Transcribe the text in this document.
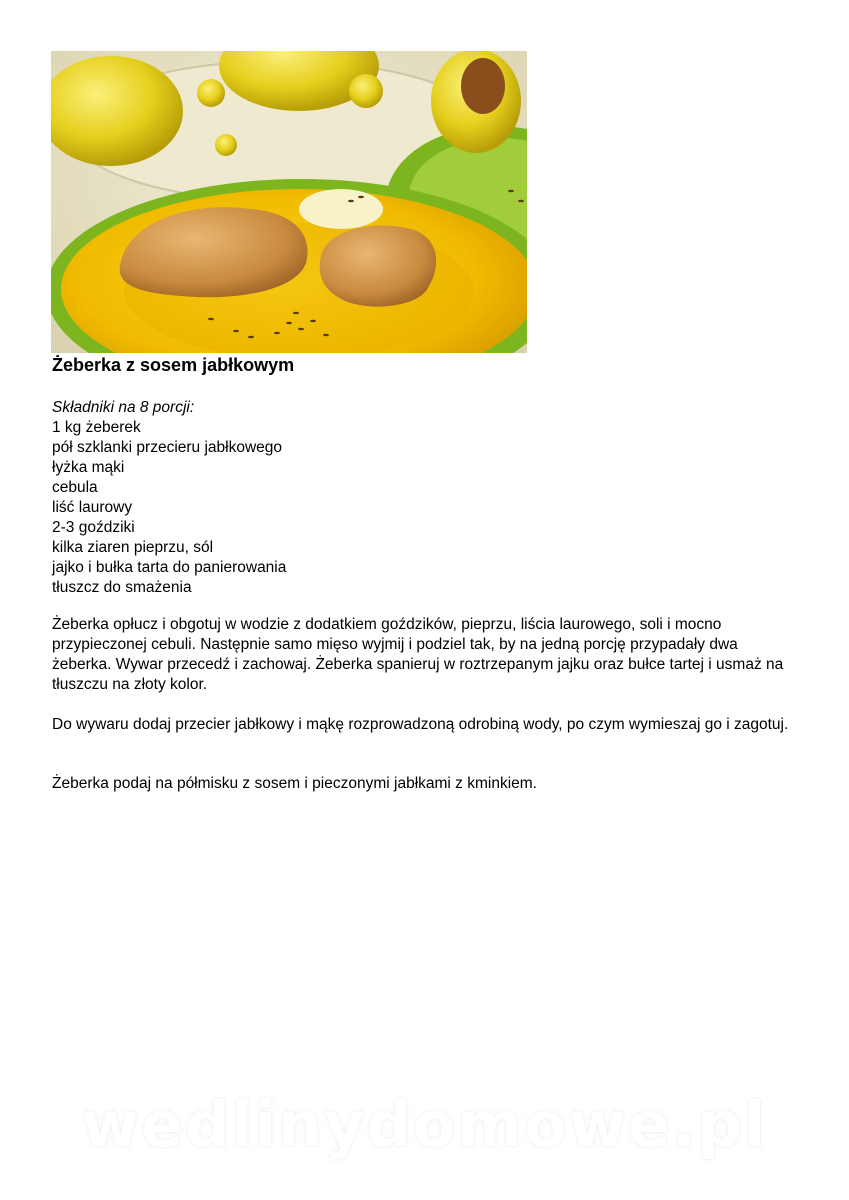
Żeberka z sosem jabłkowym
Składniki na 8 porcji:
1 kg żeberek
pół szklanki przecieru jabłkowego
łyżka mąki
cebula
liść laurowy
2-3 goździki
kilka ziaren pieprzu, sól
jajko i bułka tarta do panierowania
tłuszcz do smażenia

Żeberka opłucz i obgotuj w wodzie z dodatkiem goździków, pieprzu, liścia laurowego, soli i mocno przypieczonej cebuli. Następnie samo mięso wyjmij i podziel tak, by na jedną porcję przypadały dwa żeberka. Wywar przecedź i zachowaj. Żeberka spanieruj w roztrzepanym jajku oraz bułce tartej i usmaż na tłuszczu na złoty kolor.

Do wywaru dodaj przecier jabłkowy i mąkę rozprowadzoną odrobiną wody, po czym wymieszaj go i zagotuj.

Żeberka podaj na półmisku z sosem i pieczonymi jabłkami z kminkiem.

wedlinydomowe.pl
